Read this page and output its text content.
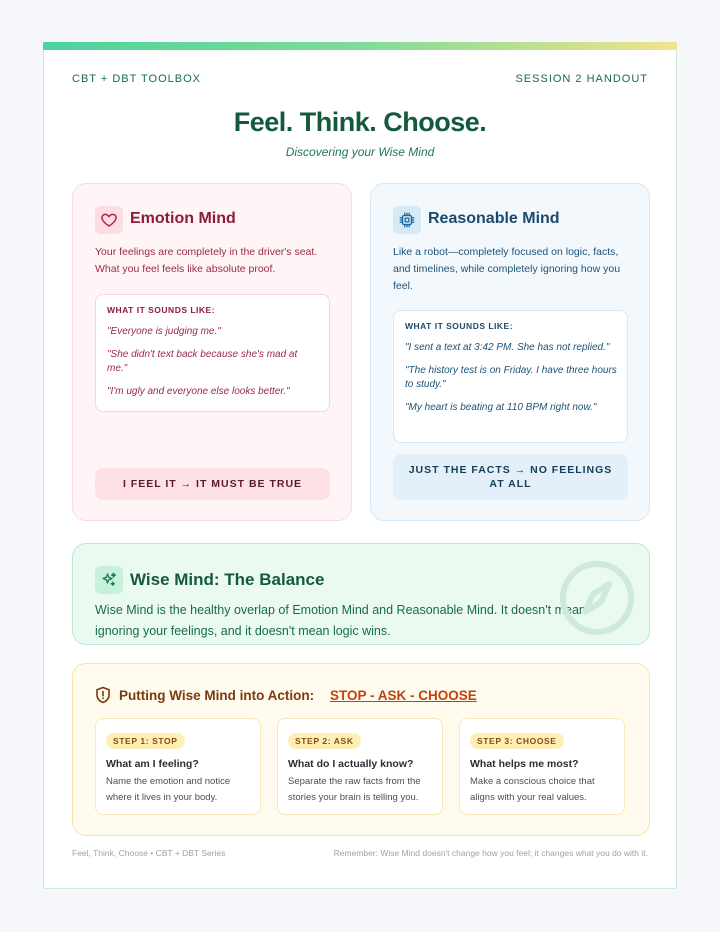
CBT + DBT TOOLBOX	SESSION 2 HANDOUT
Feel. Think. Choose.
Discovering your Wise Mind
Emotion Mind
Your feelings are completely in the driver's seat. What you feel feels like absolute proof.
WHAT IT SOUNDS LIKE:
"Everyone is judging me."
"She didn't text back because she's mad at me."
"I'm ugly and everyone else looks better."
I FEEL IT → IT MUST BE TRUE
Reasonable Mind
Like a robot—completely focused on logic, facts, and timelines, while completely ignoring how you feel.
WHAT IT SOUNDS LIKE:
"I sent a text at 3:42 PM. She has not replied."
"The history test is on Friday. I have three hours to study."
"My heart is beating at 110 BPM right now."
JUST THE FACTS → NO FEELINGS AT ALL
Wise Mind: The Balance
Wise Mind is the healthy overlap of Emotion Mind and Reasonable Mind. It doesn't mean ignoring your feelings, and it doesn't mean logic wins.
Putting Wise Mind into Action: STOP - ASK - CHOOSE
STEP 1: STOP
What am I feeling?
Name the emotion and notice where it lives in your body.
STEP 2: ASK
What do I actually know?
Separate the raw facts from the stories your brain is telling you.
STEP 3: CHOOSE
What helps me most?
Make a conscious choice that aligns with your real values.
Feel, Think, Choose • CBT + DBT Series	Remember: Wise Mind doesn't change how you feel; it changes what you do with it.
